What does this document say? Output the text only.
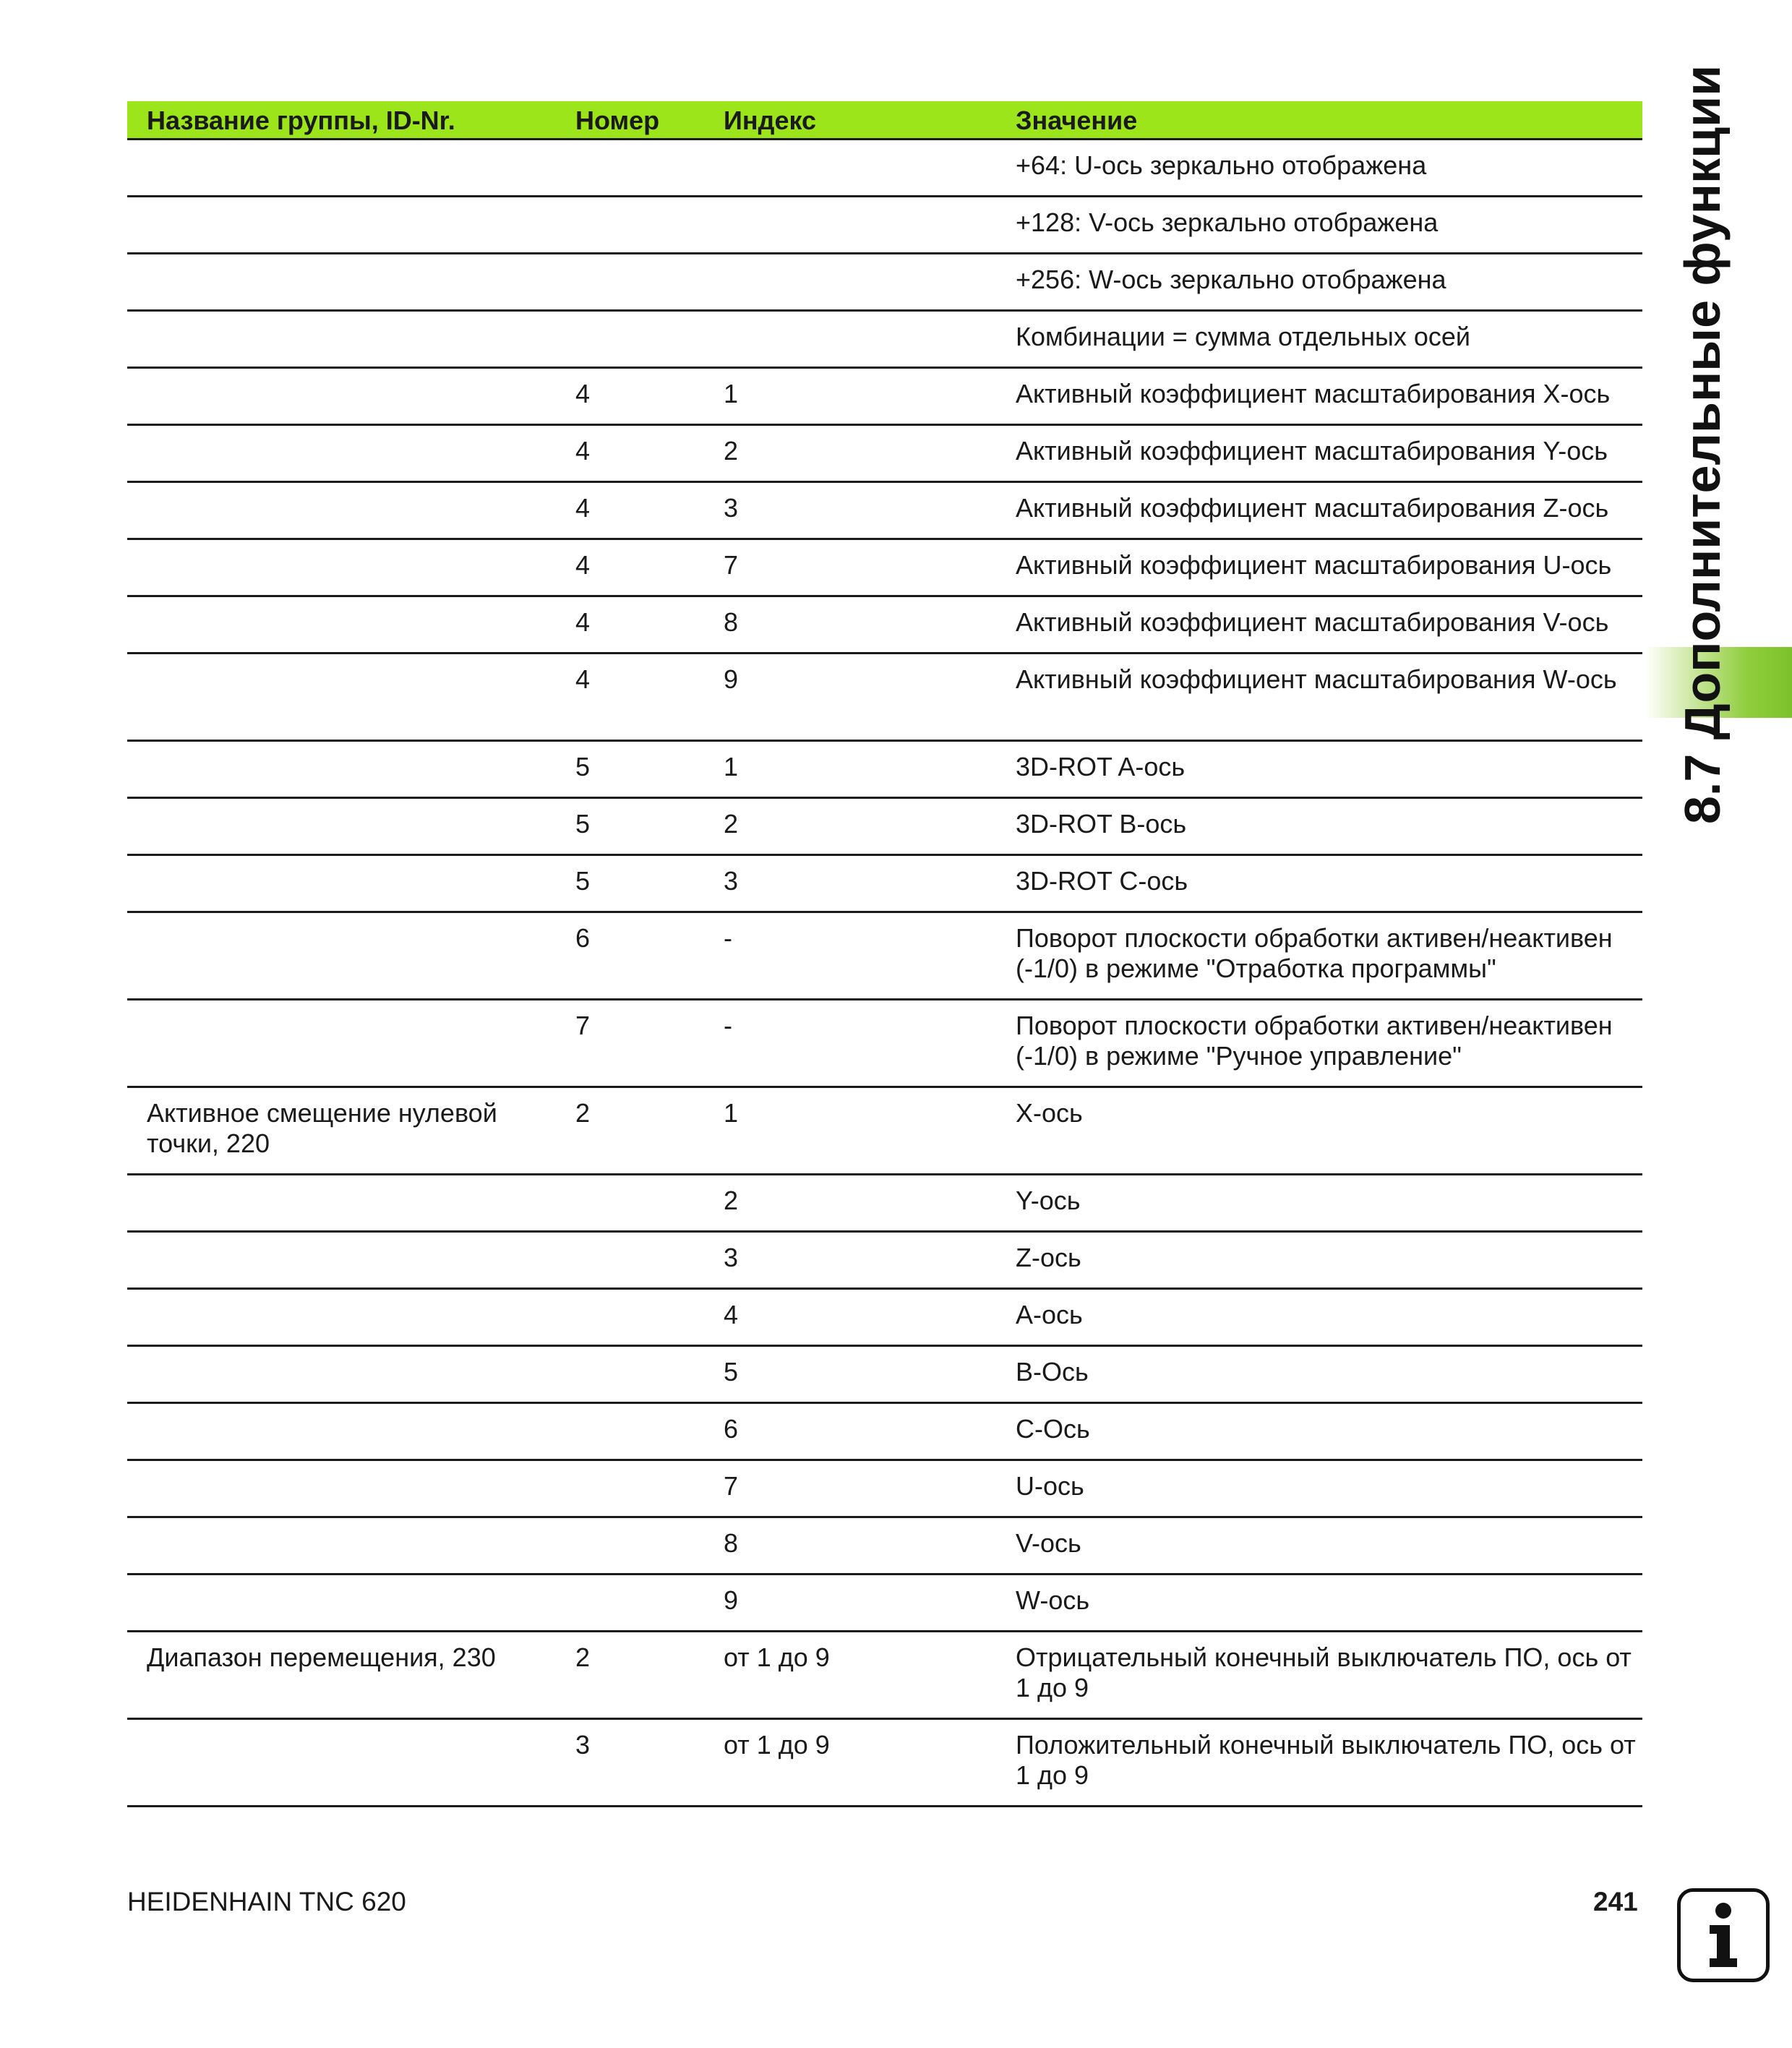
Название группы, ID-Nr.	Номер	Индекс	Значение
			+64: U-ось зеркально отображена
			+128: V-ось зеркально отображена
			+256: W-ось зеркально отображена
			Комбинации = сумма отдельных осей
	4	1	Активный коэффициент масштабирования X-ось
	4	2	Активный коэффициент масштабирования Y-ось
	4	3	Активный коэффициент масштабирования Z-ось
	4	7	Активный коэффициент масштабирования U-ось
	4	8	Активный коэффициент масштабирования V-ось
	4	9	Активный коэффициент масштабирования W-ось
	5	1	3D-ROT A-ось
	5	2	3D-ROT B-ось
	5	3	3D-ROT C-ось
	6	-	Поворот плоскости обработки активен/неактивен (-1/0) в режиме "Отработка программы"
	7	-	Поворот плоскости обработки активен/неактивен (-1/0) в режиме "Ручное управление"
Активное смещение нулевой точки, 220	2	1	X-ось
		2	Y-ось
		3	Z-ось
		4	A-ось
		5	B-Ось
		6	C-Ось
		7	U-ось
		8	V-ось
		9	W-ось
Диапазон перемещения, 230	2	от 1 до 9	Отрицательный конечный выключатель ПО, ось от 1 до 9
	3	от 1 до 9	Положительный конечный выключатель ПО, ось от 1 до 9
8.7 Дополнительные функции
HEIDENHAIN TNC 620	241
